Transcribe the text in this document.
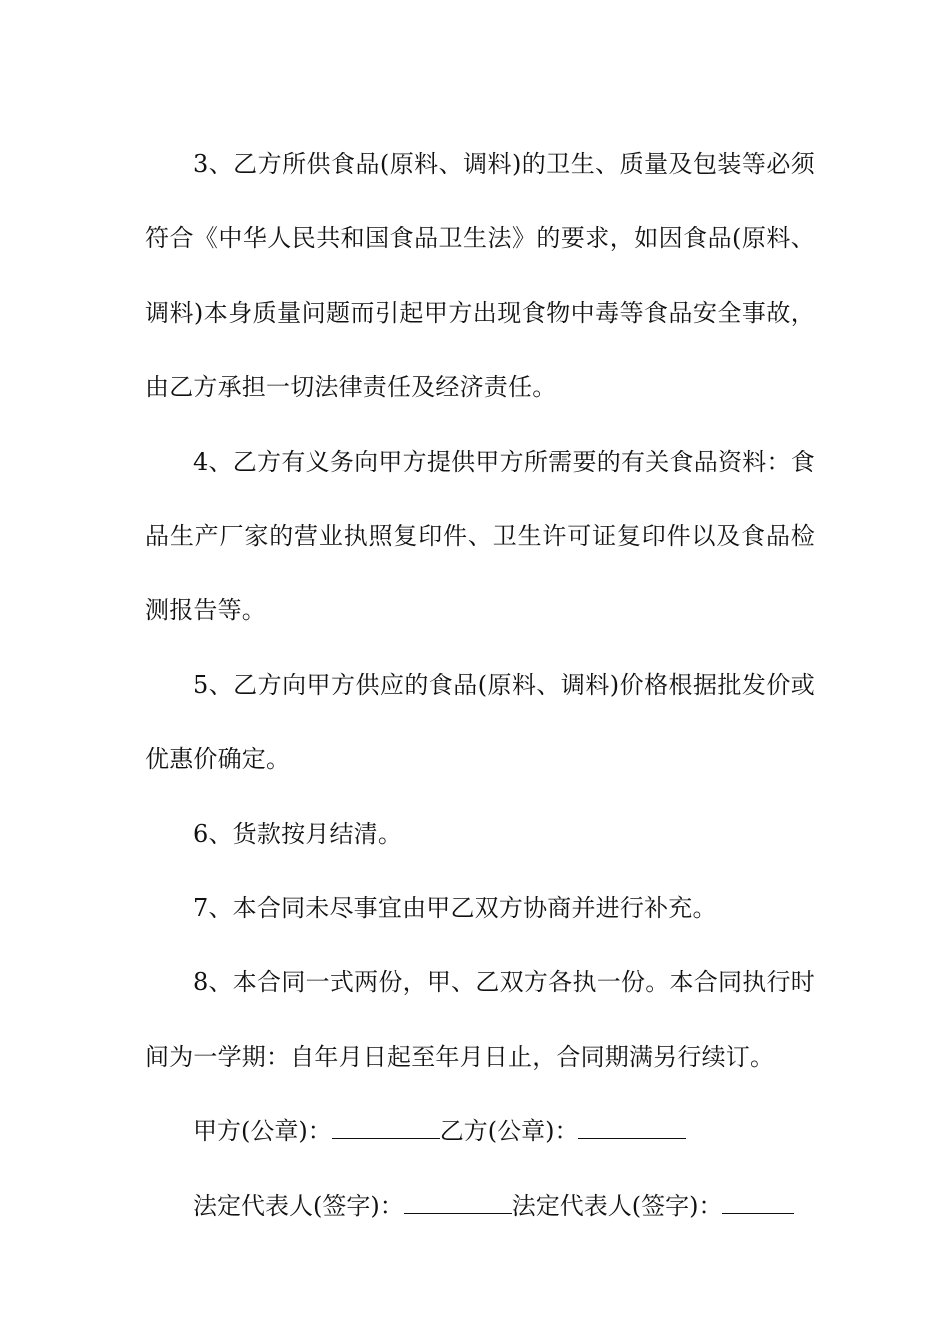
3、乙方所供食品(原料、调料)的卫生、质量及包装等必须符合《中华人民共和国食品卫生法》的要求，如因食品(原料、调料)本身质量问题而引起甲方出现食物中毒等食品安全事故，由乙方承担一切法律责任及经济责任。

4、乙方有义务向甲方提供甲方所需要的有关食品资料：食品生产厂家的营业执照复印件、卫生许可证复印件以及食品检测报告等。

5、乙方向甲方供应的食品(原料、调料)价格根据批发价或优惠价确定。

6、货款按月结清。

7、本合同未尽事宜由甲乙双方协商并进行补充。

8、本合同一式两份，甲、乙双方各执一份。本合同执行时间为一学期：自年月日起至年月日止，合同期满另行续订。

甲方(公章)：	乙方(公章)：

法定代表人(签字)：	法定代表人(签字)：
